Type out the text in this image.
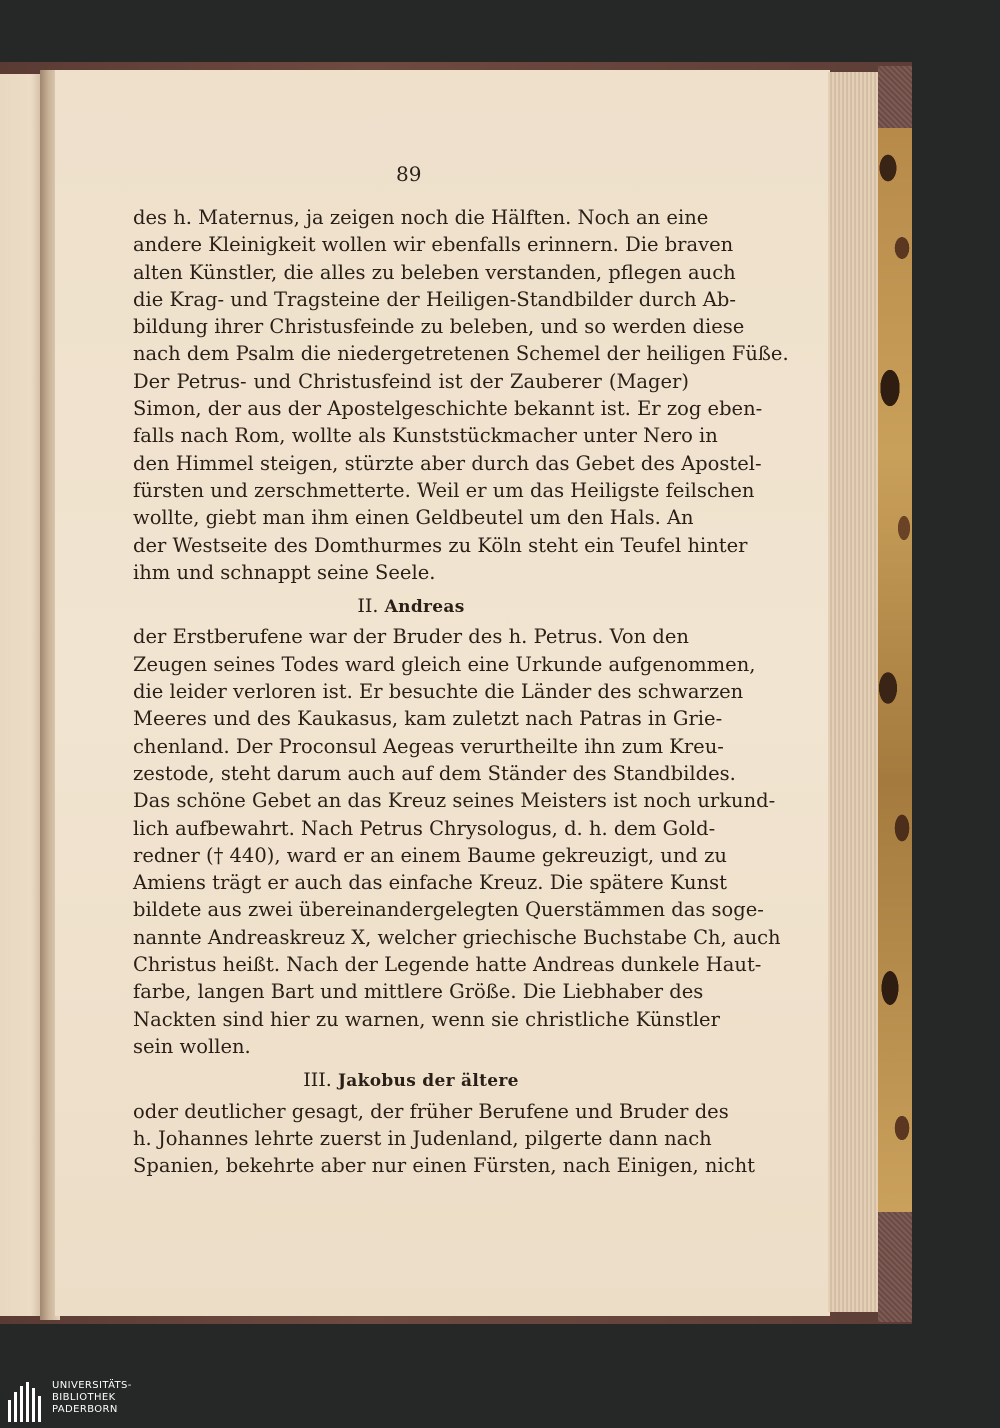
89
des h. Maternus, ja zeigen noch die Hälften. Noch an eine
andere Kleinigkeit wollen wir ebenfalls erinnern. Die braven
alten Künstler, die alles zu beleben verstanden, pflegen auch
die Krag- und Tragsteine der Heiligen-Standbilder durch Ab-
bildung ihrer Christusfeinde zu beleben, und so werden diese
nach dem Psalm die niedergetretenen Schemel der heiligen Füße.
Der Petrus- und Christusfeind ist der Zauberer (Mager)
Simon, der aus der Apostelgeschichte bekannt ist. Er zog eben-
falls nach Rom, wollte als Kunststückmacher unter Nero in
den Himmel steigen, stürzte aber durch das Gebet des Apostel-
fürsten und zerschmetterte. Weil er um das Heiligste feilschen
wollte, giebt man ihm einen Geldbeutel um den Hals. An
der Westseite des Domthurmes zu Köln steht ein Teufel hinter
ihm und schnappt seine Seele.
II. Andreas
der Erstberufene war der Bruder des h. Petrus. Von den
Zeugen seines Todes ward gleich eine Urkunde aufgenommen,
die leider verloren ist. Er besuchte die Länder des schwarzen
Meeres und des Kaukasus, kam zuletzt nach Patras in Grie-
chenland. Der Proconsul Aegeas verurtheilte ihn zum Kreu-
zestode, steht darum auch auf dem Ständer des Standbildes.
Das schöne Gebet an das Kreuz seines Meisters ist noch urkund-
lich aufbewahrt. Nach Petrus Chrysologus, d. h. dem Gold-
redner († 440), ward er an einem Baume gekreuzigt, und zu
Amiens trägt er auch das einfache Kreuz. Die spätere Kunst
bildete aus zwei übereinandergelegten Querstämmen das soge-
nannte Andreaskreuz X, welcher griechische Buchstabe Ch, auch
Christus heißt. Nach der Legende hatte Andreas dunkele Haut-
farbe, langen Bart und mittlere Größe. Die Liebhaber des
Nackten sind hier zu warnen, wenn sie christliche Künstler
sein wollen.
III. Jakobus der ältere
oder deutlicher gesagt, der früher Berufene und Bruder des
h. Johannes lehrte zuerst in Judenland, pilgerte dann nach
Spanien, bekehrte aber nur einen Fürsten, nach Einigen, nicht
UNIVERSITÄTS-
BIBLIOTHEK
PADERBORN
